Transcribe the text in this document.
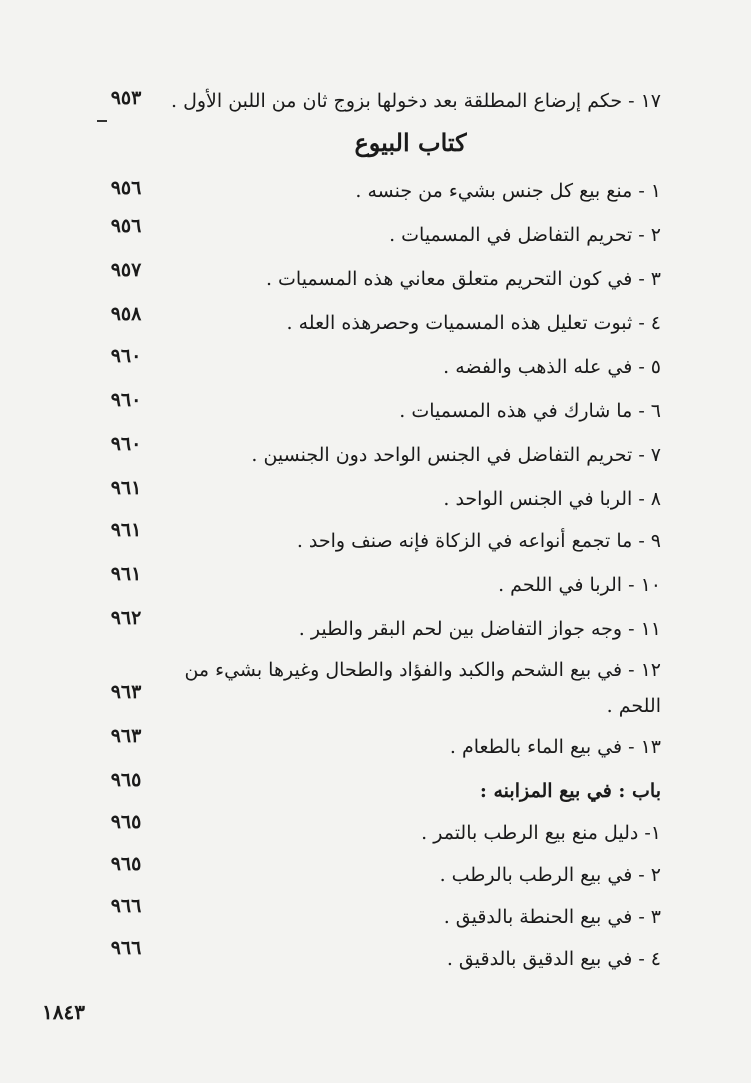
١٧ - حكم إرضاع المطلقة بعد دخولها بزوج ثان من اللبن الأول .
٩٥٣
كتاب البيوع
١ - منع بيع كل جنس بشيء من جنسه .
٩٥٦
٢ - تحريم التفاضل في المسميات .
٩٥٦
٣ - في كون التحريم متعلق معاني هذه المسميات .
٩٥٧
٤ - ثبوت تعليل هذه المسميات وحصرهذه العله .
٩٥٨
٥ - في عله الذهب والفضه .
٩٦٠
٦ - ما شارك في هذه المسميات .
٩٦٠
٧ - تحريم التفاضل في الجنس الواحد دون الجنسين .
٩٦٠
٨ - الربا في الجنس الواحد .
٩٦١
٩ - ما تجمع أنواعه في الزكاة فإنه صنف واحد .
٩٦١
١٠ - الربا في اللحم .
٩٦١
١١ - وجه جواز التفاضل بين لحم البقر والطير .
٩٦٢
١٢ - في بيع الشحم والكبد والفؤاد والطحال وغيرها بشيء من اللحم .
٩٦٣
١٣ - في بيع الماء بالطعام .
٩٦٣
باب : في بيع المزابنه :
٩٦٥
١- دليل منع بيع الرطب بالتمر .
٩٦٥
٢ - في بيع الرطب بالرطب .
٩٦٥
٣ - في بيع الحنطة بالدقيق .
٩٦٦
٤ - في بيع الدقيق بالدقيق .
٩٦٦
١٨٤٣
